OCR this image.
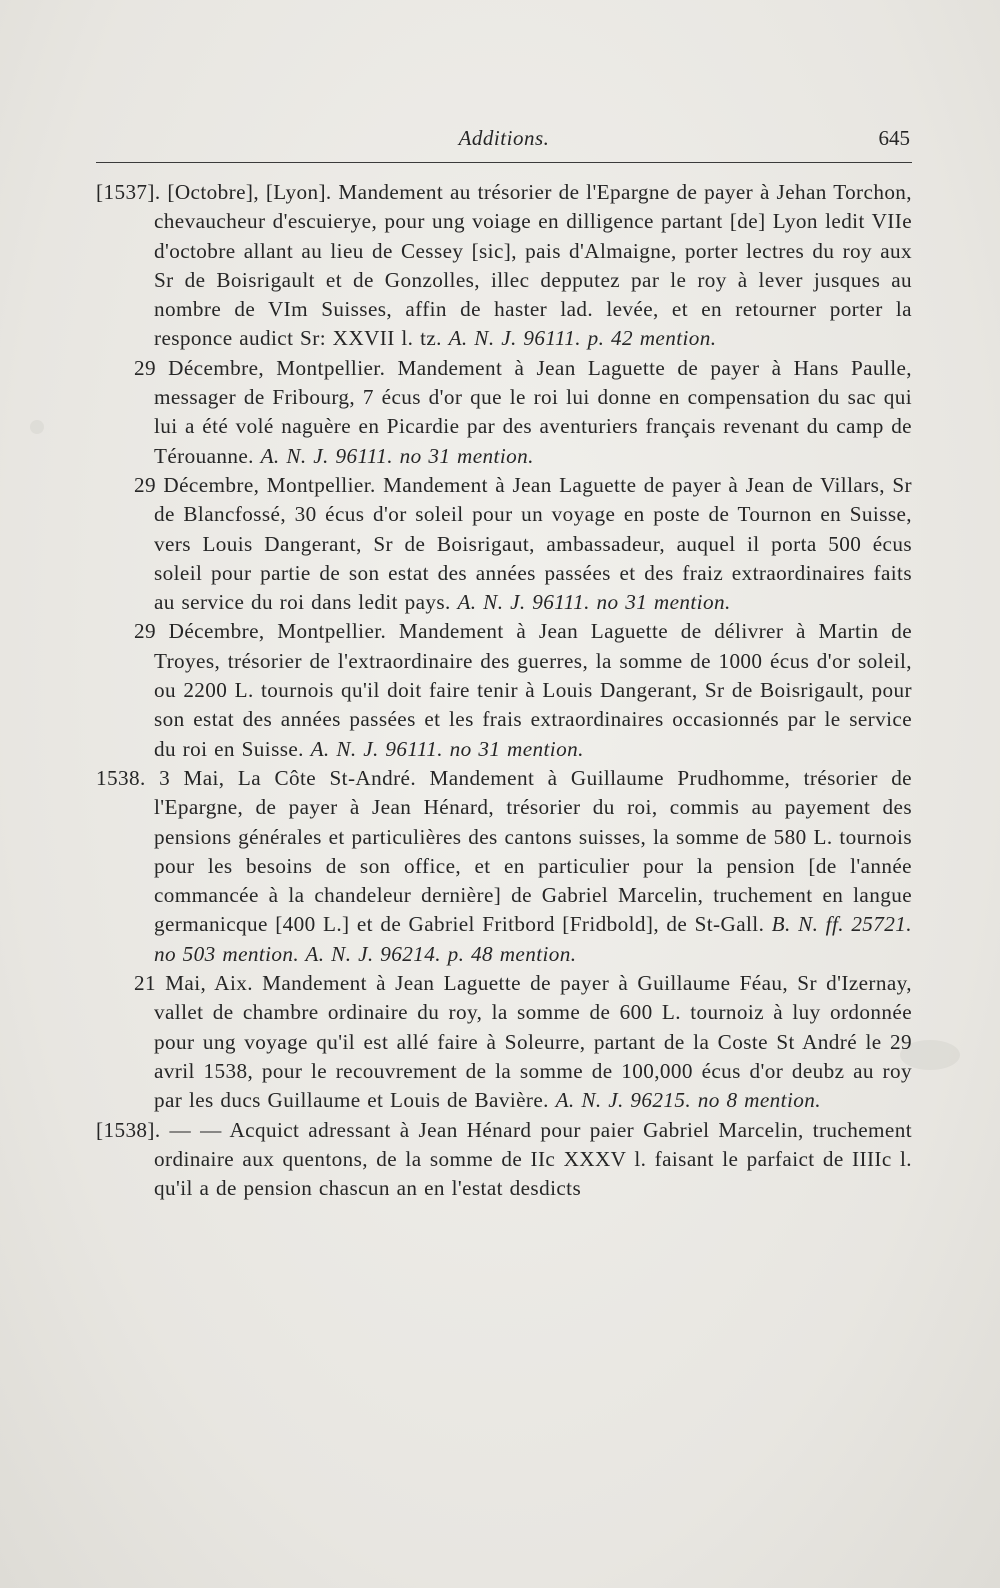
Additions.	645

[1537]. [Octobre], [Lyon]. Mandement au trésorier de l'Epargne de payer à Jehan Torchon, chevaucheur d'escuierye, pour ung voiage en dilligence partant [de] Lyon ledit VIIe d'octobre allant au lieu de Cessey [sic], pais d'Almaigne, porter lectres du roy aux Sr de Boisrigault et de Gonzolles, illec depputez par le roy à lever jusques au nombre de VIm Suisses, affin de haster lad. levée, et en retourner porter la responce audict Sr: XXVII l. tz. A. N. J. 96111. p. 42 mention.

29 Décembre, Montpellier. Mandement à Jean Laguette de payer à Hans Paulle, messager de Fribourg, 7 écus d'or que le roi lui donne en compensation du sac qui lui a été volé naguère en Picardie par des aventuriers français revenant du camp de Térouanne. A. N. J. 96111. no 31 mention.

29 Décembre, Montpellier. Mandement à Jean Laguette de payer à Jean de Villars, Sr de Blancfossé, 30 écus d'or soleil pour un voyage en poste de Tournon en Suisse, vers Louis Dangerant, Sr de Boisrigaut, ambassadeur, auquel il porta 500 écus soleil pour partie de son estat des années passées et des fraiz extraordinaires faits au service du roi dans ledit pays. A. N. J. 96111. no 31 mention.

29 Décembre, Montpellier. Mandement à Jean Laguette de délivrer à Martin de Troyes, trésorier de l'extraordinaire des guerres, la somme de 1000 écus d'or soleil, ou 2200 L. tournois qu'il doit faire tenir à Louis Dangerant, Sr de Boisrigault, pour son estat des années passées et les frais extraordinaires occasionnés par le service du roi en Suisse. A. N. J. 96111. no 31 mention.

1538. 3 Mai, La Côte St-André. Mandement à Guillaume Prudhomme, trésorier de l'Epargne, de payer à Jean Hénard, trésorier du roi, commis au payement des pensions générales et particulières des cantons suisses, la somme de 580 L. tournois pour les besoins de son office, et en particulier pour la pension [de l'année commancée à la chandeleur dernière] de Gabriel Marcelin, truchement en langue germanicque [400 L.] et de Gabriel Fritbord [Fridbold], de St-Gall. B. N. ff. 25721. no 503 mention. A. N. J. 96214. p. 48 mention.

21 Mai, Aix. Mandement à Jean Laguette de payer à Guillaume Féau, Sr d'Izernay, vallet de chambre ordinaire du roy, la somme de 600 L. tournoiz à luy ordonnée pour ung voyage qu'il est allé faire à Soleurre, partant de la Coste St André le 29 avril 1538, pour le recouvrement de la somme de 100,000 écus d'or deubz au roy par les ducs Guillaume et Louis de Bavière. A. N. J. 96215. no 8 mention.

[1538]. — — Acquict adressant à Jean Hénard pour paier Gabriel Marcelin, truchement ordinaire aux quentons, de la somme de IIc XXXV l. faisant le parfaict de IIIIc l. qu'il a de pension chascun an en l'estat desdicts
